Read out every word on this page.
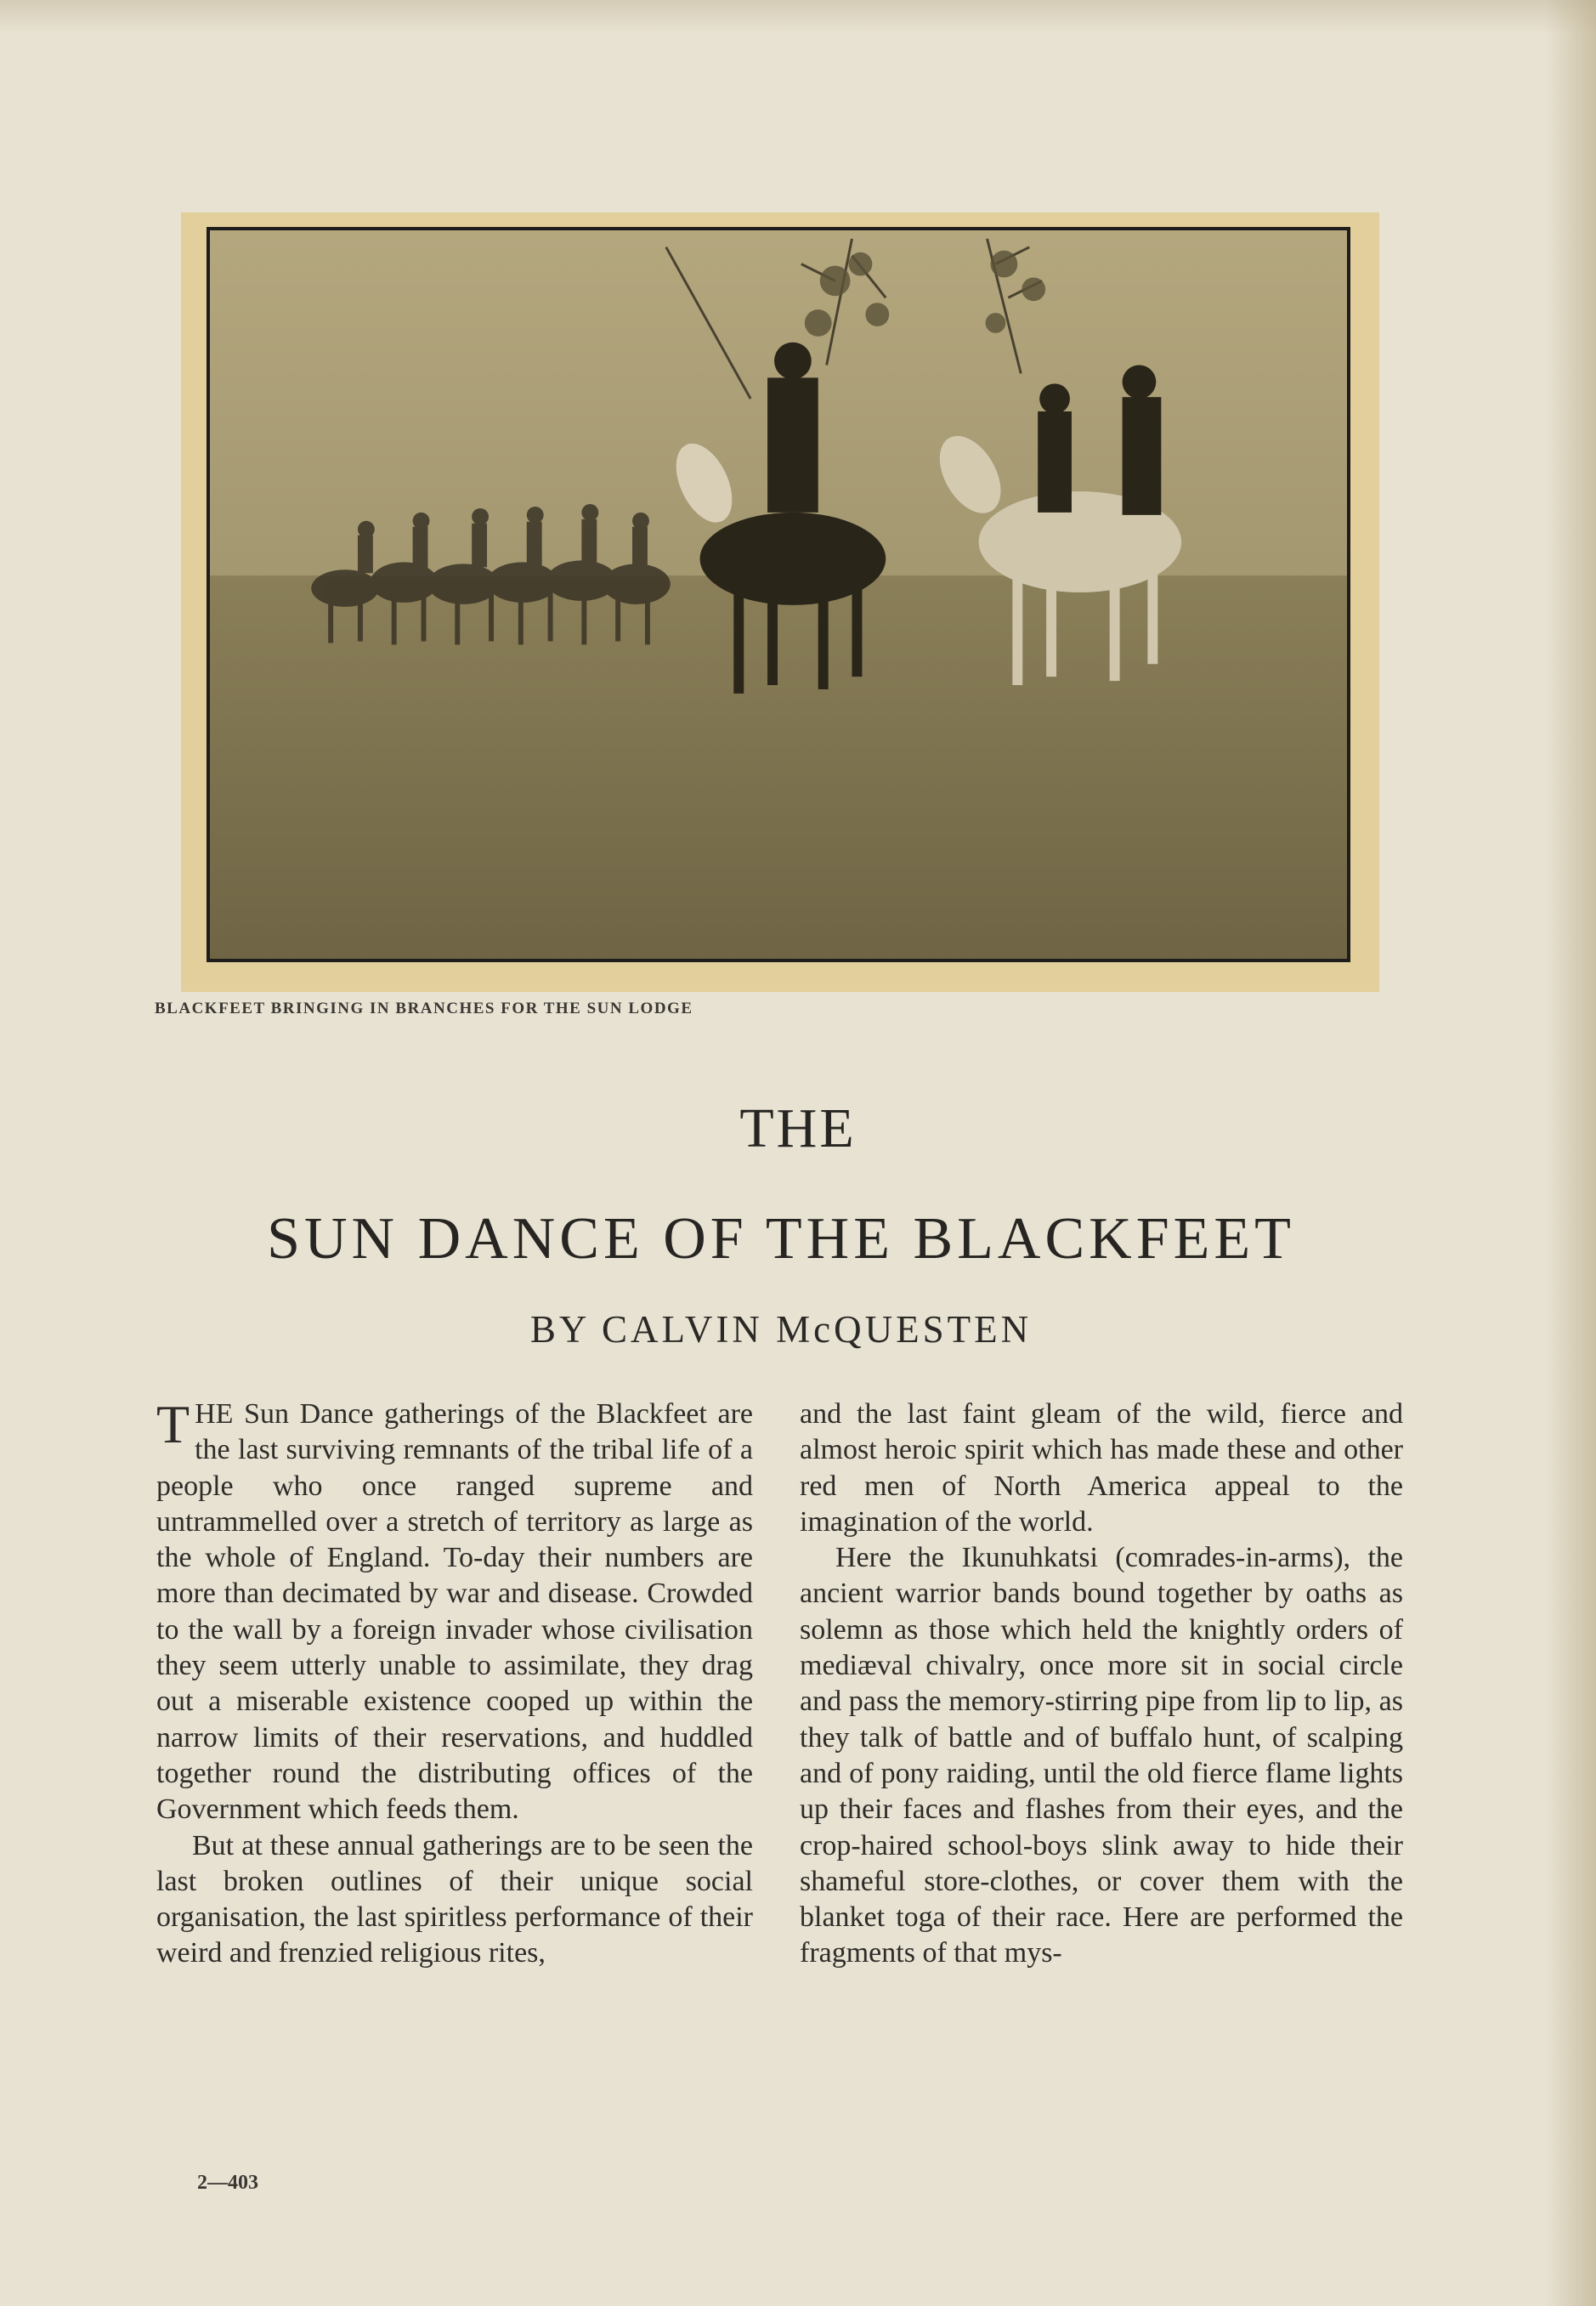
BLACKFEET BRINGING IN BRANCHES FOR THE SUN LODGE
THE
SUN DANCE OF THE BLACKFEET
BY CALVIN McQUESTEN

THE Sun Dance gatherings of the Blackfeet are the last surviving remnants of the tribal life of a people who once ranged supreme and untrammelled over a stretch of territory as large as the whole of England. To-day their numbers are more than decimated by war and disease. Crowded to the wall by a foreign invader whose civilisation they seem utterly unable to assimilate, they drag out a miserable existence cooped up within the narrow limits of their reservations, and huddled together round the distributing offices of the Government which feeds them.

But at these annual gatherings are to be seen the last broken outlines of their unique social organisation, the last spiritless performance of their weird and frenzied religious rites,

and the last faint gleam of the wild, fierce and almost heroic spirit which has made these and other red men of North America appeal to the imagination of the world.

Here the Ikunuhkatsi (comrades-in-arms), the ancient warrior bands bound together by oaths as solemn as those which held the knightly orders of mediæval chivalry, once more sit in social circle and pass the memory-stirring pipe from lip to lip, as they talk of battle and of buffalo hunt, of scalping and of pony raiding, until the old fierce flame lights up their faces and flashes from their eyes, and the crop-haired school-boys slink away to hide their shameful store-clothes, or cover them with the blanket toga of their race. Here are performed the fragments of that mys-

2—403
